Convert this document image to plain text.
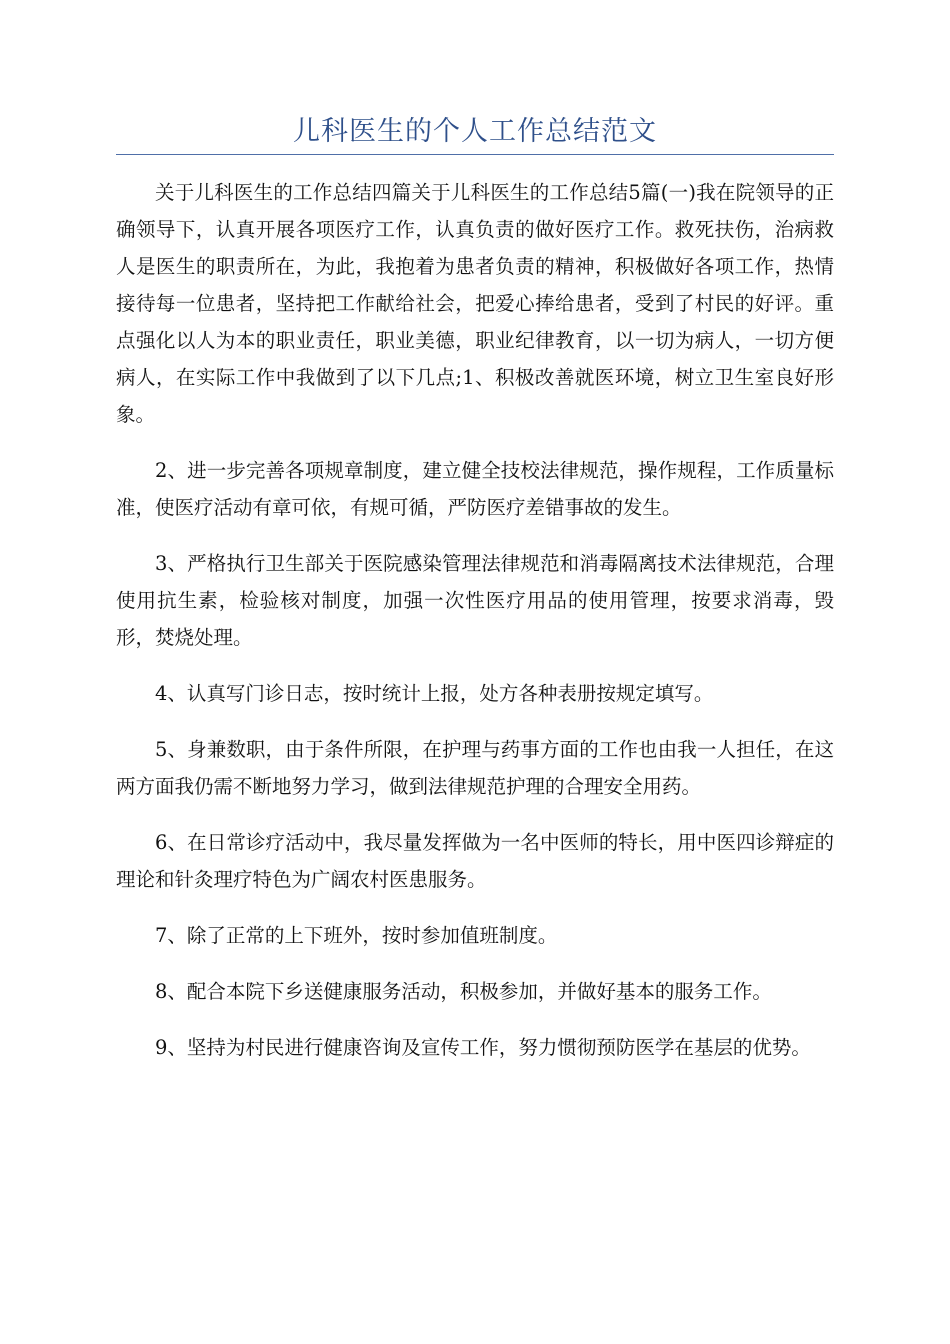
儿科医生的个人工作总结范文

关于儿科医生的工作总结四篇关于儿科医生的工作总结5篇(一)我在院领导的正确领导下，认真开展各项医疗工作，认真负责的做好医疗工作。救死扶伤，治病救人是医生的职责所在，为此，我抱着为患者负责的精神，积极做好各项工作，热情接待每一位患者，坚持把工作献给社会，把爱心捧给患者，受到了村民的好评。重点强化以人为本的职业责任，职业美德，职业纪律教育，以一切为病人，一切方便病人，在实际工作中我做到了以下几点;1、积极改善就医环境，树立卫生室良好形象。

2、进一步完善各项规章制度，建立健全技校法律规范，操作规程，工作质量标准，使医疗活动有章可依，有规可循，严防医疗差错事故的发生。

3、严格执行卫生部关于医院感染管理法律规范和消毒隔离技术法律规范，合理使用抗生素，检验核对制度，加强一次性医疗用品的使用管理，按要求消毒，毁形，焚烧处理。

4、认真写门诊日志，按时统计上报，处方各种表册按规定填写。

5、身兼数职，由于条件所限，在护理与药事方面的工作也由我一人担任，在这两方面我仍需不断地努力学习，做到法律规范护理的合理安全用药。

6、在日常诊疗活动中，我尽量发挥做为一名中医师的特长，用中医四诊辩症的理论和针灸理疗特色为广阔农村医患服务。

7、除了正常的上下班外，按时参加值班制度。

8、配合本院下乡送健康服务活动，积极参加，并做好基本的服务工作。

9、坚持为村民进行健康咨询及宣传工作，努力惯彻预防医学在基层的优势。
